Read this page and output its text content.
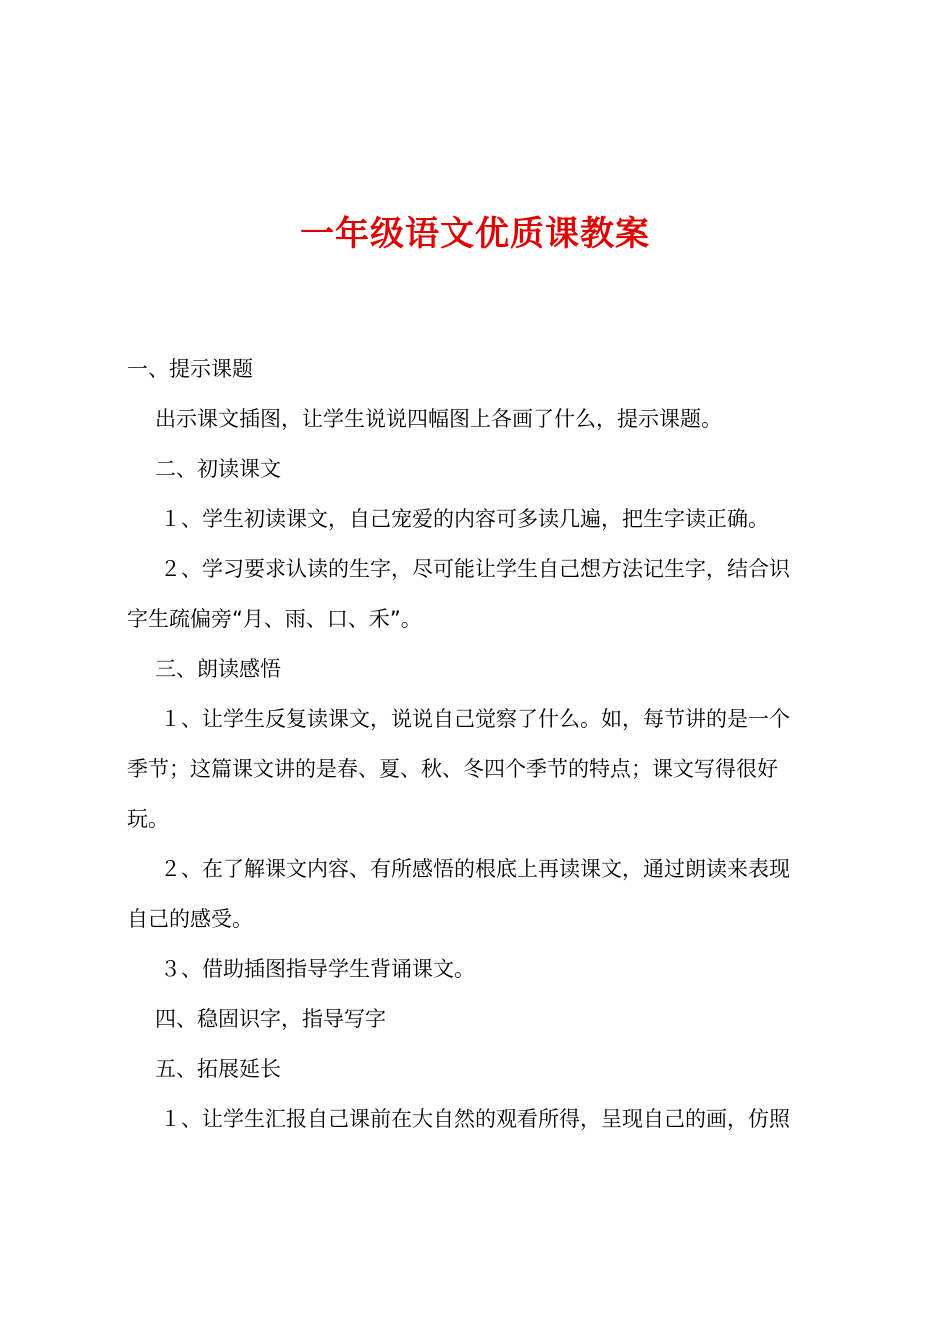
一年级语文优质课教案
一、提示课题
出示课文插图，让学生说说四幅图上各画了什么，提示课题。
二、初读课文
１、学生初读课文，自己宠爱的内容可多读几遍，把生字读正确。
２、学习要求认读的生字，尽可能让学生自己想方法记生字，结合识
字生疏偏旁“月、雨、口、禾”。
三、朗读感悟
１、让学生反复读课文，说说自己觉察了什么。如，每节讲的是一个
季节；这篇课文讲的是春、夏、秋、冬四个季节的特点；课文写得很好
玩。
２、在了解课文内容、有所感悟的根底上再读课文，通过朗读来表现
自己的感受。
３、借助插图指导学生背诵课文。
四、稳固识字，指导写字
五、拓展延长
１、让学生汇报自己课前在大自然的观看所得，呈现自己的画，仿照
